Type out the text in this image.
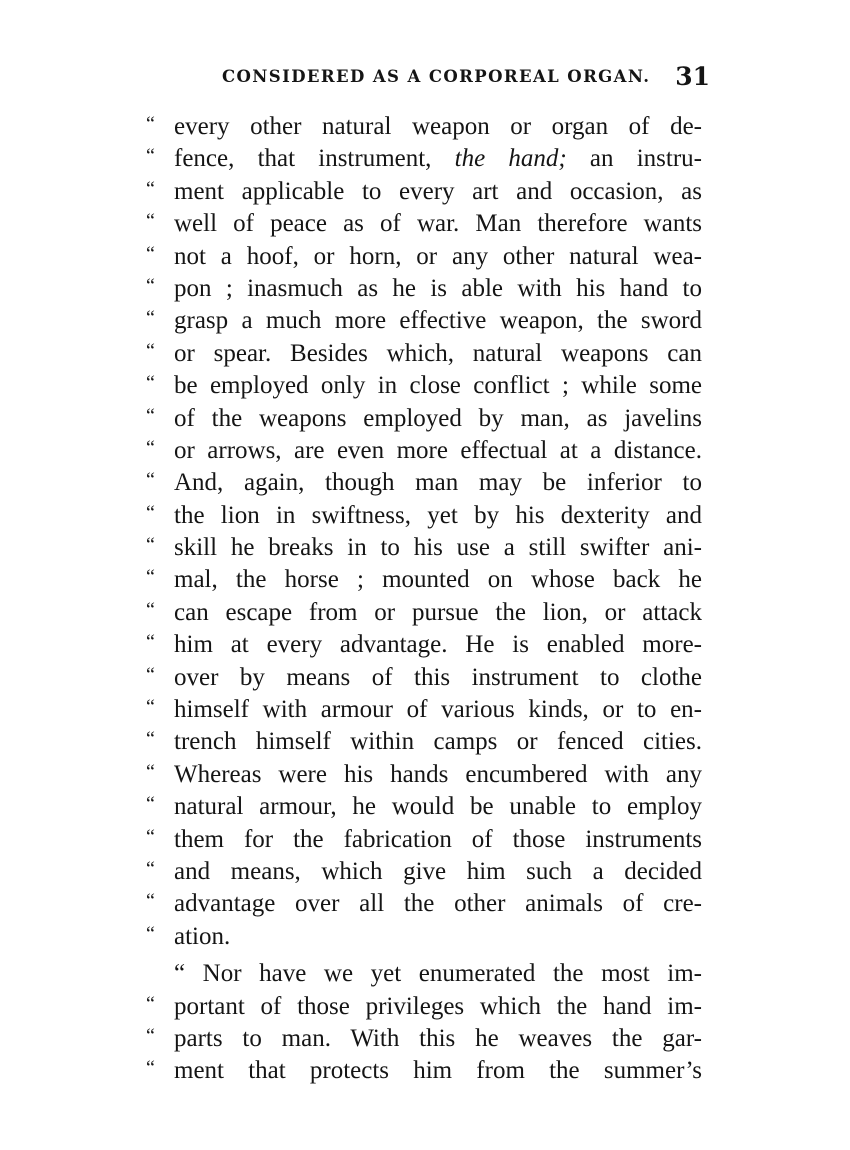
CONSIDERED AS A CORPOREAL ORGAN. 31
“ every other natural weapon or organ of de-
“ fence, that instrument, the hand; an instru-
“ ment applicable to every art and occasion, as
“ well of peace as of war. Man therefore wants
“ not a hoof, or horn, or any other natural wea-
“ pon ; inasmuch as he is able with his hand to
“ grasp a much more effective weapon, the sword
“ or spear. Besides which, natural weapons can
“ be employed only in close conflict ; while some
“ of the weapons employed by man, as javelins
“ or arrows, are even more effectual at a distance.
“ And, again, though man may be inferior to
“ the lion in swiftness, yet by his dexterity and
“ skill he breaks in to his use a still swifter ani-
“ mal, the horse ; mounted on whose back he
“ can escape from or pursue the lion, or attack
“ him at every advantage. He is enabled more-
“ over by means of this instrument to clothe
“ himself with armour of various kinds, or to en-
“ trench himself within camps or fenced cities.
“ Whereas were his hands encumbered with any
“ natural armour, he would be unable to employ
“ them for the fabrication of those instruments
“ and means, which give him such a decided
“ advantage over all the other animals of cre-
“ ation.
“ Nor have we yet enumerated the most im-
“ portant of those privileges which the hand im-
“ parts to man. With this he weaves the gar-
“ ment that protects him from the summer’s
